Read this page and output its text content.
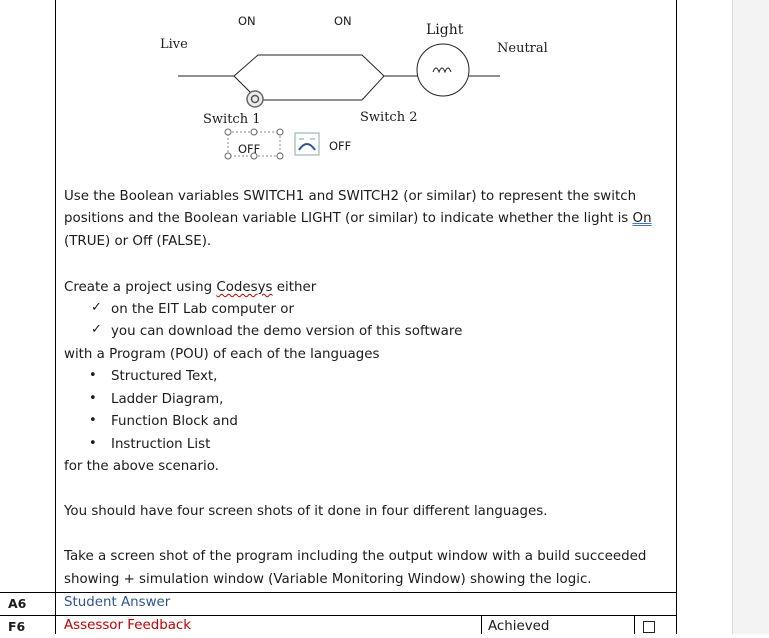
ON	ON
Live
Light
Neutral
Switch 1	Switch 2
OFF	OFF
Use the Boolean variables SWITCH1 and SWITCH2 (or similar) to represent the switch
positions and the Boolean variable LIGHT (or similar) to indicate whether the light is On
(TRUE) or Off (FALSE).
Create a project using Codesys either
✓ on the EIT Lab computer or
✓ you can download the demo version of this software
with a Program (POU) of each of the languages
• Structured Text,
• Ladder Diagram,
• Function Block and
• Instruction List
for the above scenario.
You should have four screen shots of it done in four different languages.
Take a screen shot of the program including the output window with a build succeeded
showing + simulation window (Variable Monitoring Window) showing the logic.
A6	Student Answer
F6	Assessor Feedback	Achieved
